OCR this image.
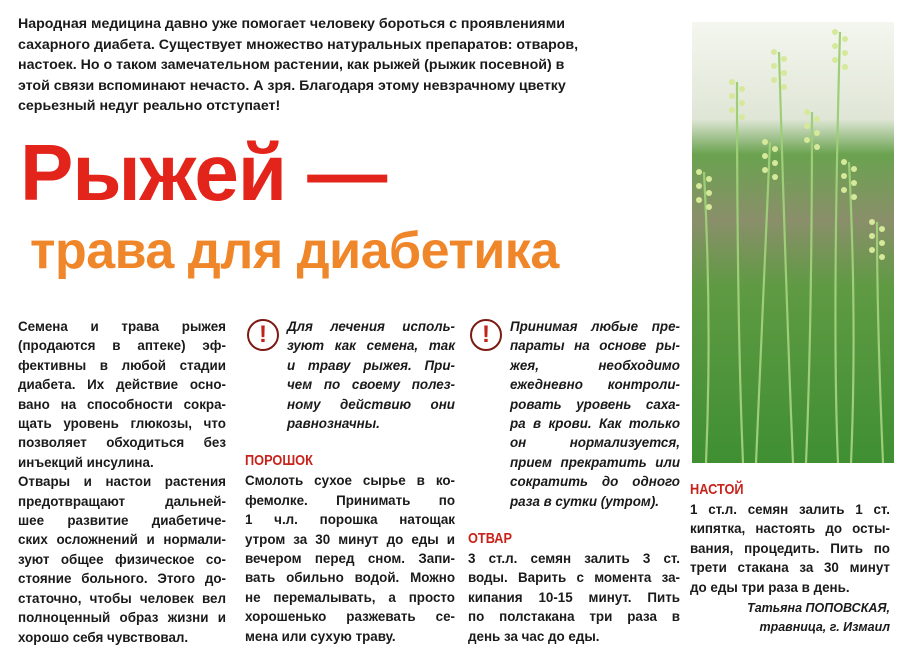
Народная медицина давно уже помогает человеку бороться с проявлениями
сахарного диабета. Существует множество натуральных препаратов: отваров,
настоек. Но о таком замечательном растении, как рыжей (рыжик посевной) в
этой связи вспоминают нечасто. А зря. Благодаря этому невзрачному цветку
серьезный недуг реально отступает!
Рыжей —
трава для диабетика
Семена и трава рыжея
(продаются в аптеке) эф-
фективны в любой стадии
диабета. Их действие осно-
вано на способности сокра-
щать уровень глюкозы, что
позволяет обходиться без
инъекций инсулина.
Отвары и настои растения
предотвращают дальней-
шее развитие диабетиче-
ских осложнений и нормали-
зуют общее физическое со-
стояние больного. Этого до-
статочно, чтобы человек вел
полноценный образ жизни и
хорошо себя чувствовал.
!	Для лечения исполь-
зуют как семена, так
и траву рыжея. При-
чем по своему полез-
ному действию они
равнозначны.
ПОРОШОК
Смолоть сухое сырье в ко-
фемолке. Принимать по
1 ч.л. порошка натощак
утром за 30 минут до еды и
вечером перед сном. Запи-
вать обильно водой. Можно
не перемалывать, а просто
хорошенько разжевать се-
мена или сухую траву.
!	Принимая любые пре-
параты на основе ры-
жея, необходимо
ежедневно контроли-
ровать уровень саха-
ра в крови. Как только
он нормализуется,
прием прекратить или
сократить до одного
раза в сутки (утром).
ОТВАР
3 ст.л. семян залить 3 ст.
воды. Варить с момента за-
кипания 10-15 минут. Пить
по полстакана три раза в
день за час до еды.
НАСТОЙ
1 ст.л. семян залить 1 ст.
кипятка, настоять до осты-
вания, процедить. Пить по
трети стакана за 30 минут
до еды три раза в день.
Татьяна ПОПОВСКАЯ,
травница, г. Измаил
